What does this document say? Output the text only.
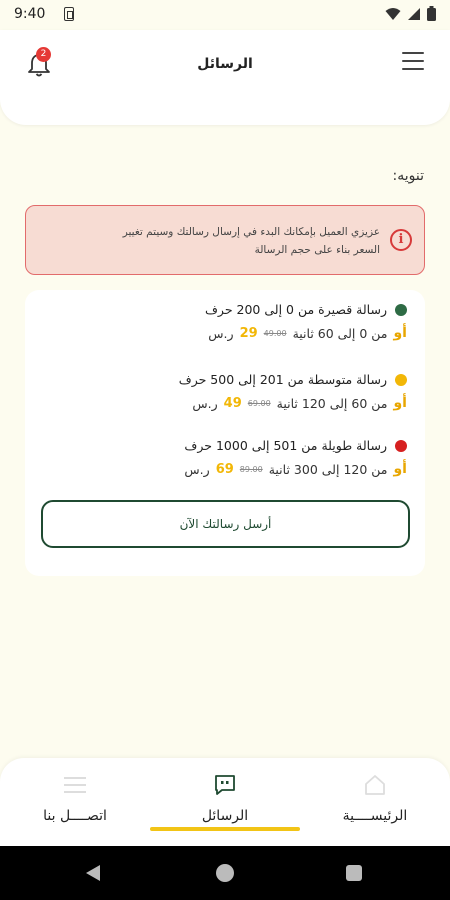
9:40
2
الرسائل
تنويه:
i
عزيزي العميل بإمكانك البدء في إرسال رسالتك وسيتم تغيير
السعر بناء على حجم الرسالة
رسالة قصيرة من 0 إلى 200 حرف
أو
من 0 إلى 60 ثانية
49.00
29
ر.س
رسالة متوسطة من 201 إلى 500 حرف
أو
من 60 إلى 120 ثانية
69.00
49
ر.س
رسالة طويلة من 501 إلى 1000 حرف
أو
من 120 إلى 300 ثانية
89.00
69
ر.س
أرسل رسالتك الآن
اتصــــل بنا	الرسائل	الرئيســــية
